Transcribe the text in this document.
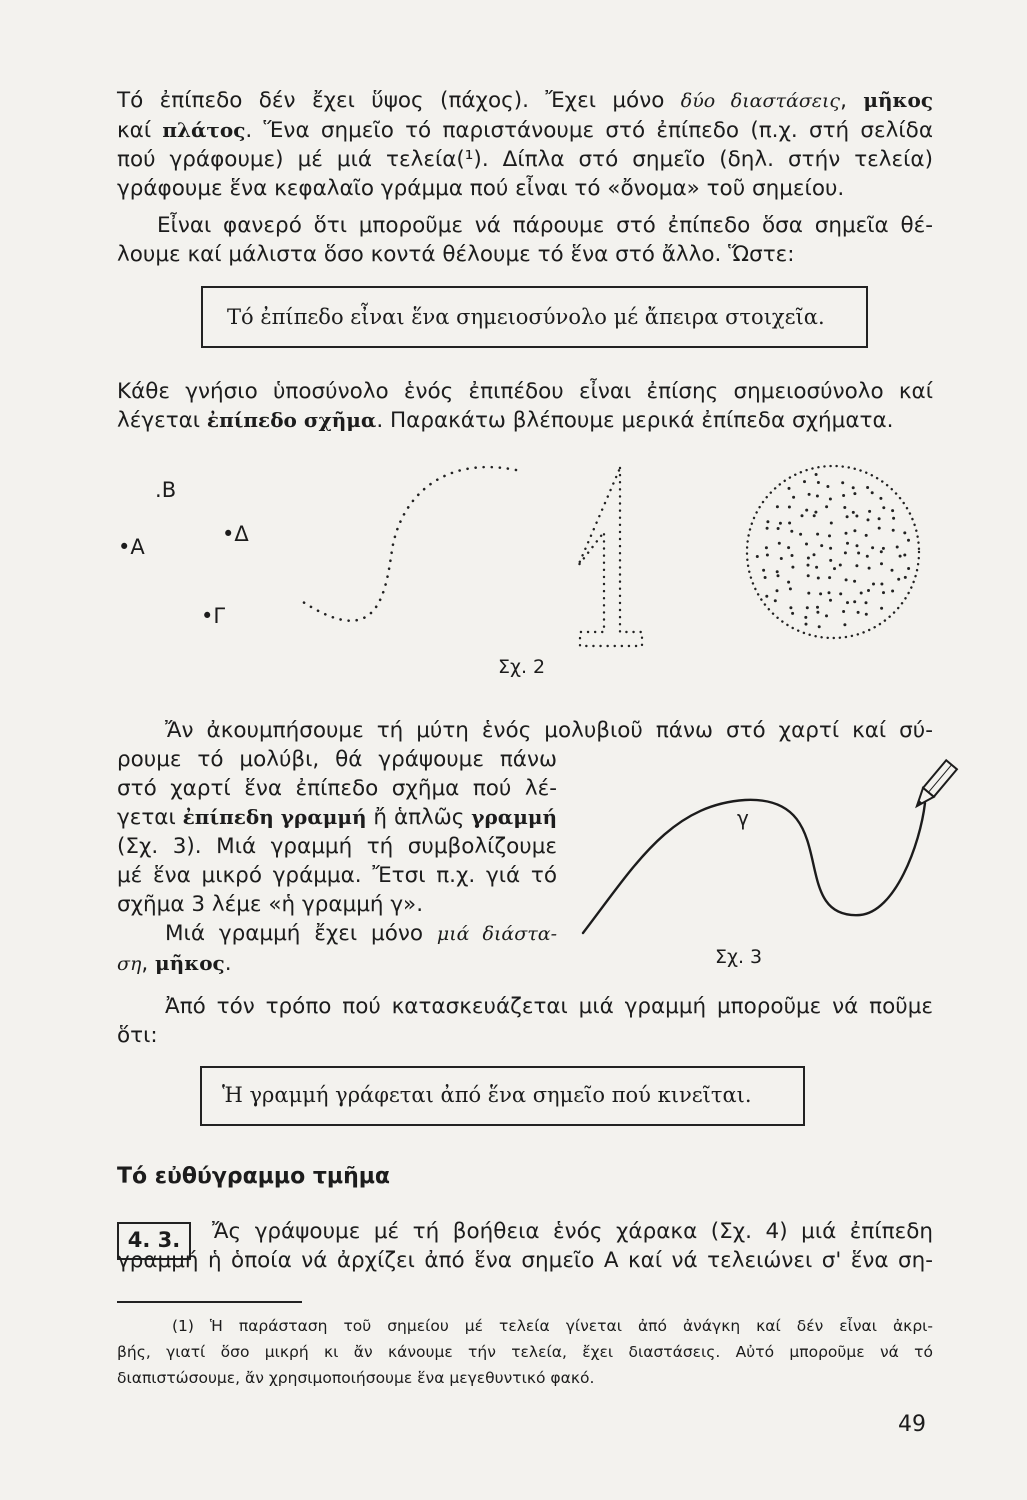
Τό ἐπίπεδο δέν ἔχει ὕψος (πάχος). Ἔχει μόνο δύο διαστάσεις, μῆκος
καί πλάτος. Ἕνα σημεῖο τό παριστάνουμε στό ἐπίπεδο (π.χ. στή σελίδα
πού γράφουμε) μέ μιά τελεία(¹). Δίπλα στό σημεῖο (δηλ. στήν τελεία)
γράφουμε ἕνα κεφαλαῖο γράμμα πού εἶναι τό «ὄνομα» τοῦ σημείου.
Εἶναι φανερό ὅτι μποροῦμε νά πάρουμε στό ἐπίπεδο ὅσα σημεῖα θέ-
λουμε καί μάλιστα ὅσο κοντά θέλουμε τό ἕνα στό ἄλλο. Ὥστε:
Τό ἐπίπεδο εἶναι ἕνα σημειοσύνολο μέ ἄπειρα στοιχεῖα.
Κάθε γνήσιο ὑποσύνολο ἑνός ἐπιπέδου εἶναι ἐπίσης σημειοσύνολο καί
λέγεται ἐπίπεδο σχῆμα. Παρακάτω βλέπουμε μερικά ἐπίπεδα σχήματα.
.B
•A
•Δ
•Γ
Σχ. 2
Ἄν ἀκουμπήσουμε τή μύτη ἑνός μολυβιοῦ πάνω στό χαρτί καί σύ-
ρουμε τό μολύβι, θά γράψουμε πάνω
στό χαρτί ἕνα ἐπίπεδο σχῆμα πού λέ-
γεται ἐπίπεδη γραμμή ἤ ἁπλῶς γραμμή
(Σχ. 3). Μιά γραμμή τή συμβολίζουμε
μέ ἕνα μικρό γράμμα. Ἔτσι π.χ. γιά τό
σχῆμα 3 λέμε «ἡ γραμμή γ».
Μιά γραμμή ἔχει μόνο μιά διάστα-
ση, μῆκος.
γ
Σχ. 3
Ἀπό τόν τρόπο πού κατασκευάζεται μιά γραμμή μποροῦμε νά ποῦμε
ὅτι:
Ἡ γραμμή γράφεται ἀπό ἕνα σημεῖο πού κινεῖται.
Τό εὐθύγραμμο τμῆμα
4. 3.	Ἄς γράψουμε μέ τή βοήθεια ἑνός χάρακα (Σχ. 4) μιά ἐπίπεδη
γραμμή ἡ ὁποία νά ἀρχίζει ἀπό ἕνα σημεῖο Α καί νά τελειώνει σ' ἕνα ση-
(1) Ἡ παράσταση τοῦ σημείου μέ τελεία γίνεται ἀπό ἀνάγκη καί δέν εἶναι ἀκρι-
βής, γιατί ὅσο μικρή κι ἄν κάνουμε τήν τελεία, ἔχει διαστάσεις. Αὐτό μποροῦμε νά τό
διαπιστώσουμε, ἄν χρησιμοποιήσουμε ἕνα μεγεθυντικό φακό.
49
